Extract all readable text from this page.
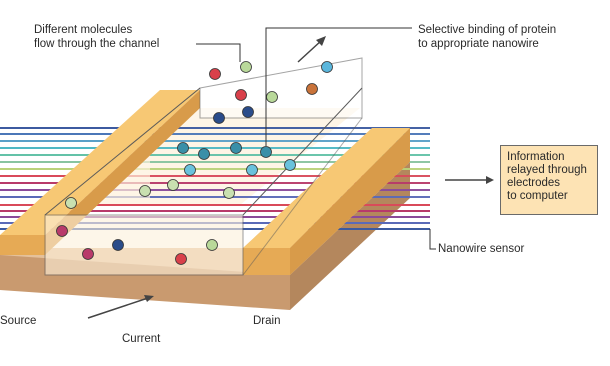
Different molecules
flow through the channel
Selective binding of protein
to appropriate nanowire
Information
relayed through
electrodes
to computer
Nanowire sensor
Source	Drain
Current
